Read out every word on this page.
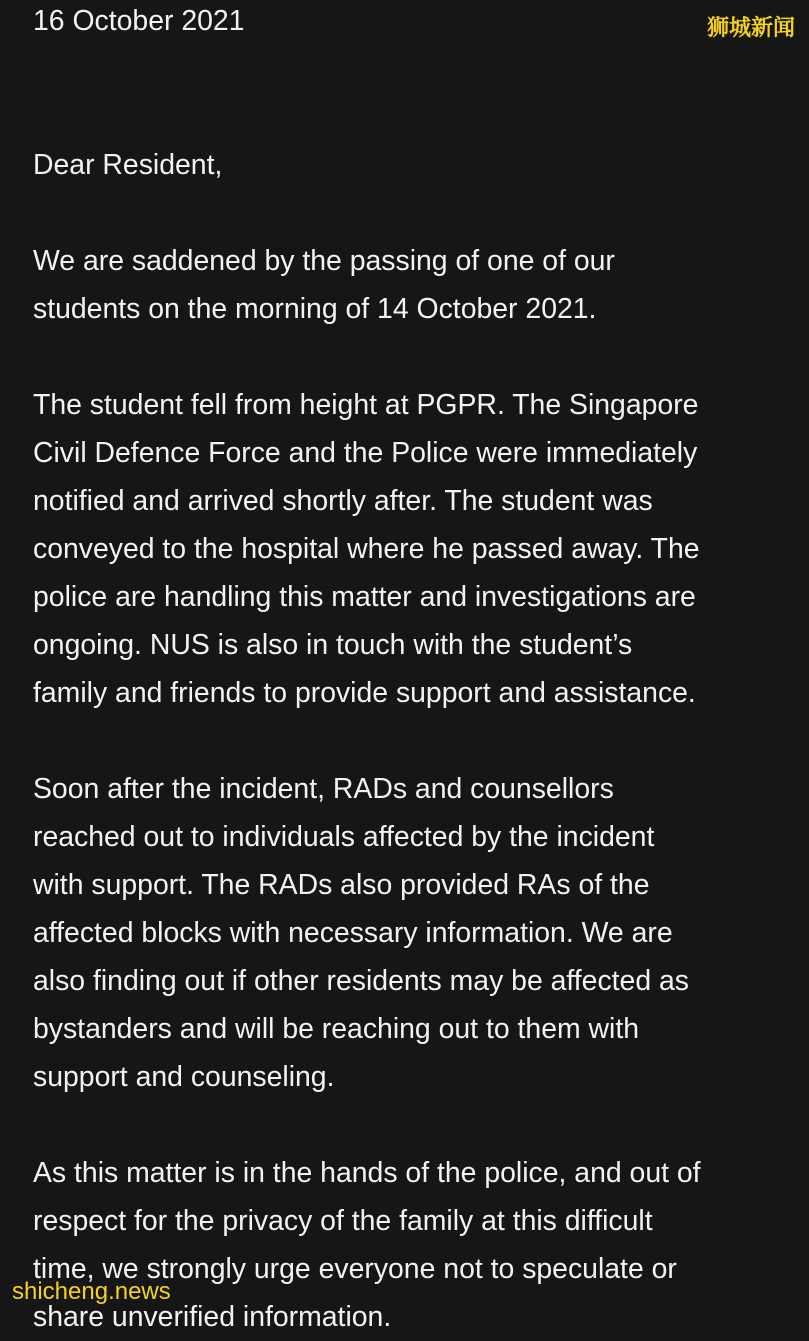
16 October 2021

Dear Resident,

We are saddened by the passing of one of our
students on the morning of 14 October 2021.

The student fell from height at PGPR. The Singapore
Civil Defence Force and the Police were immediately
notified and arrived shortly after. The student was
conveyed to the hospital where he passed away. The
police are handling this matter and investigations are
ongoing. NUS is also in touch with the student’s
family and friends to provide support and assistance.

Soon after the incident, RADs and counsellors
reached out to individuals affected by the incident
with support. The RADs also provided RAs of the
affected blocks with necessary information. We are
also finding out if other residents may be affected as
bystanders and will be reaching out to them with
support and counseling.

As this matter is in the hands of the police, and out of
respect for the privacy of the family at this difficult
time, we strongly urge everyone not to speculate or
share unverified information.

狮城新闻
shicheng.news
